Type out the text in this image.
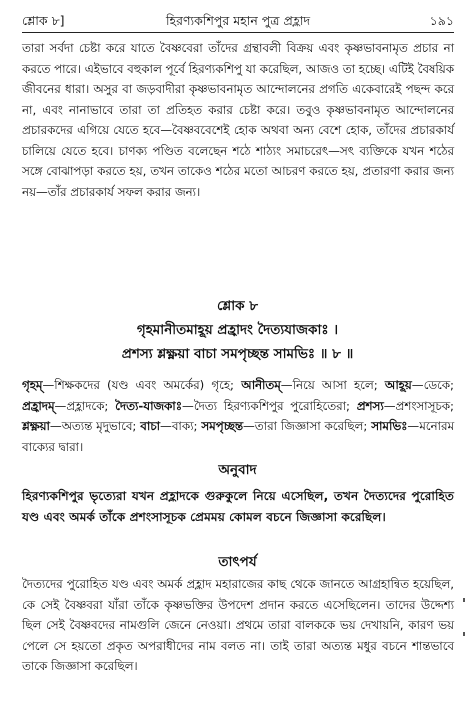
শ্লোক ৮]	হিরণ্যকশিপুর মহান পুত্র প্রহ্লাদ	১৯১
তারা সর্বদা চেষ্টা করে যাতে বৈষ্ণবেরা তাঁদের গ্রন্থাবলী বিক্রয় এবং কৃষ্ণভাবনামৃত প্রচার না করতে পারে। এইভাবে বহুকাল পূর্বে হিরণ্যকশিপু যা করেছিল, আজও তা হচ্ছে। এটিই বৈষয়িক জীবনের ধারা। অসুর বা জড়বাদীরা কৃষ্ণভাবনামৃত আন্দোলনের প্রগতি একেবারেই পছন্দ করে না, এবং নানাভাবে তারা তা প্রতিহত করার চেষ্টা করে। তবুও কৃষ্ণভাবনামৃত আন্দোলনের প্রচারকদের এগিয়ে যেতে হবে—বৈষ্ণববেশেই হোক অথবা অন্য বেশে হোক, তাঁদের প্রচারকার্য চালিয়ে যেতে হবে। চাণক্য পণ্ডিত বলেছেন শঠে শাঠ্যং সমাচরেৎ—সৎ ব্যক্তিকে যখন শঠের সঙ্গে বোঝাপড়া করতে হয়, তখন তাকেও শঠের মতো আচরণ করতে হয়, প্রতারণা করার জন্য নয়—তাঁর প্রচারকার্য সফল করার জন্য।
শ্লোক ৮
গৃহমানীতমাহূয় প্রহ্রাদং দৈত্যযাজকাঃ ।
প্রশস্য শ্লক্ষ্ণয়া বাচা সমপৃচ্ছন্ত সামভিঃ ॥ ৮ ॥
গৃহম্—শিক্ষকদের (যণ্ড এবং অমর্কের) গৃহে; আনীতম্—নিয়ে আসা হলে; আহূয়—ডেকে; প্রহ্রাদম্—প্রহ্লাদকে; দৈত্য-যাজকাঃ—দৈত্য হিরণ্যকশিপুর পুরোহিতেরা; প্রশস্য—প্রশংসাসূচক; শ্লক্ষ্ণয়া—অত্যন্ত মৃদুভাবে; বাচা—বাক্য; সমপৃচ্ছন্ত—তারা জিজ্ঞাসা করেছিল; সামভিঃ—মনোরম বাক্যের দ্বারা।
অনুবাদ
হিরণ্যকশিপুর ভৃত্যেরা যখন প্রহ্লাদকে গুরুকুলে নিয়ে এসেছিল, তখন দৈত্যদের পুরোহিত যণ্ড এবং অমর্ক তাঁকে প্রশংসাসূচক প্রেমময় কোমল বচনে জিজ্ঞাসা করেছিল।
তাৎপর্য
দৈত্যদের পুরোহিত যণ্ড এবং অমর্ক প্রহ্লাদ মহারাজের কাছ থেকে জানতে আগ্রহান্বিত হয়েছিল, কে সেই বৈষ্ণবরা যাঁরা তাঁকে কৃষ্ণভক্তির উপদেশ প্রদান করতে এসেছিলেন। তাদের উদ্দেশ্য ছিল সেই বৈষ্ণবদের নামগুলি জেনে নেওয়া। প্রথমে তারা বালককে ভয় দেখায়নি, কারণ ভয় পেলে সে হয়তো প্রকৃত অপরাধীদের নাম বলত না। তাই তারা অত্যন্ত মধুর বচনে শান্তভাবে তাকে জিজ্ঞাসা করেছিল।
